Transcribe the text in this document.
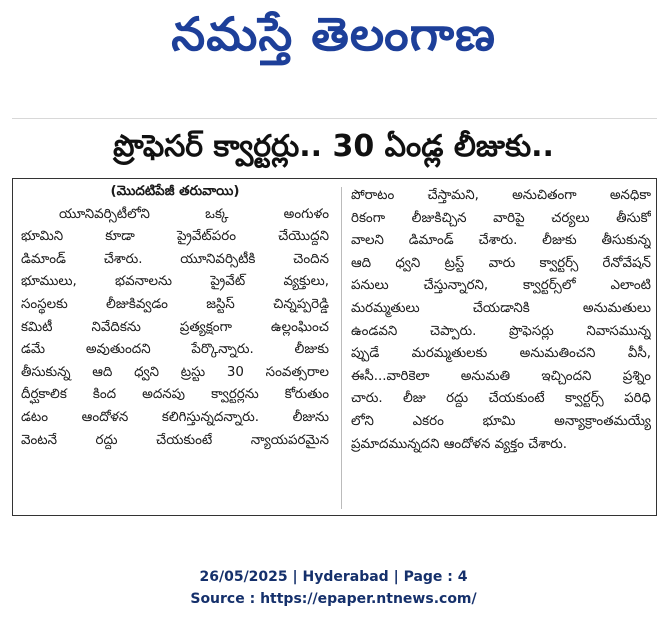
నమస్తే తెలంగాణ
ప్రొఫెసర్ క్వార్టర్లు.. 30 ఏండ్ల లీజుకు..
(మొదటిపేజీ తరువాయి)
యూనివర్సిటీలోని ఒక్క అంగుళం
భూమిని కూడా ప్రైవేట్‌పరం చేయొద్దని
డిమాండ్ చేశారు. యూనివర్సిటీకి చెందిన
భూములు, భవనాలను ప్రైవేట్ వ్యక్తులు,
సంస్థలకు లీజుకివ్వడం జస్టిస్ చిన్నప్పరెడ్డి
కమిటీ నివేదికను ప్రత్యక్షంగా ఉల్లంఘించ
డమే అవుతుందని పేర్కొన్నారు. లీజుకు
తీసుకున్న ఆది ధ్వని ట్రస్టు 30 సంవత్సరాల
దీర్ఘకాలిక కింద అదనపు క్వార్టర్లను కోరుతుం
డటం ఆందోళన కలిగిస్తున్నదన్నారు. లీజును
వెంటనే రద్దు చేయకుంటే న్యాయపరమైన
పోరాటం చేస్తామని, అనుచితంగా అనధికా
రికంగా లీజుకిచ్చిన వారిపై చర్యలు తీసుకో
వాలని డిమాండ్ చేశారు. లీజుకు తీసుకున్న
ఆది ధ్వని ట్రస్ట్ వారు క్వార్టర్స్ రేనోవేషన్
పనులు చేస్తున్నారని, క్వార్టర్స్‌లో ఎలాంటి
మరమ్మతులు చేయడానికి అనుమతులు
ఉండవని చెప్పారు. ప్రొఫెసర్లు నివాసమున్న
ప్పుడే మరమ్మతులకు అనుమతించని వీసీ,
ఈసీ...వారికెలా అనుమతి ఇచ్చిందని ప్రశ్నిం
చారు. లీజు రద్దు చేయకుంటే క్వార్టర్స్ పరిధి
లోని ఎకరం భూమి అన్యాక్రాంతమయ్యే
ప్రమాదమున్నదని ఆందోళన వ్యక్తం చేశారు.
26/05/2025 | Hyderabad | Page : 4
Source : https://epaper.ntnews.com/
